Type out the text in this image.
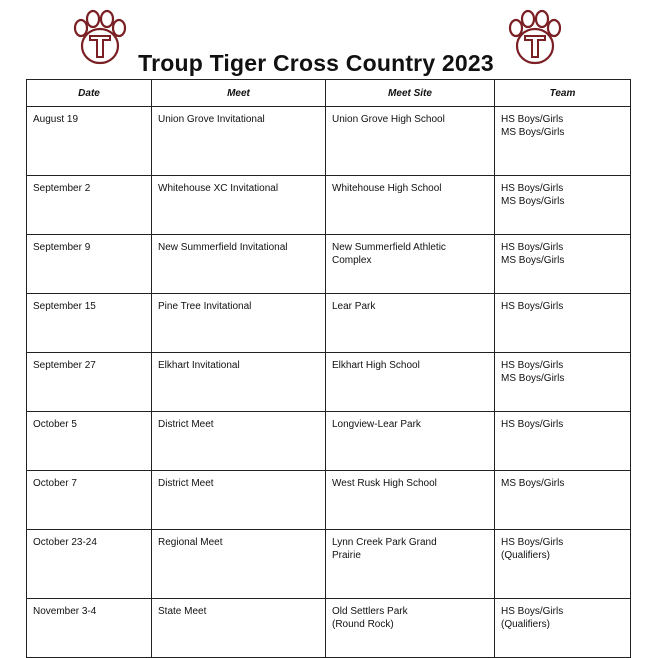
Troup Tiger Cross Country 2023
Date	Meet	Meet Site	Team
August 19	Union Grove Invitational	Union Grove High School	HS Boys/Girls
MS Boys/Girls

September 2	Whitehouse XC Invitational	Whitehouse High School	HS Boys/Girls
MS Boys/Girls

September 9	New Summerfield Invitational	New Summerfield Athletic
Complex	HS Boys/Girls
MS Boys/Girls

September 15	Pine Tree Invitational	Lear Park	HS Boys/Girls

September 27	Elkhart Invitational	Elkhart High School	HS Boys/Girls
MS Boys/Girls

October 5	District Meet	Longview-Lear Park	HS Boys/Girls

October 7	District Meet	West Rusk High School	MS Boys/Girls

October 23-24	Regional Meet	Lynn Creek Park Grand
Prairie	HS Boys/Girls
(Qualifiers)

November 3-4	State Meet	Old Settlers Park
(Round Rock)	HS Boys/Girls
(Qualifiers)
